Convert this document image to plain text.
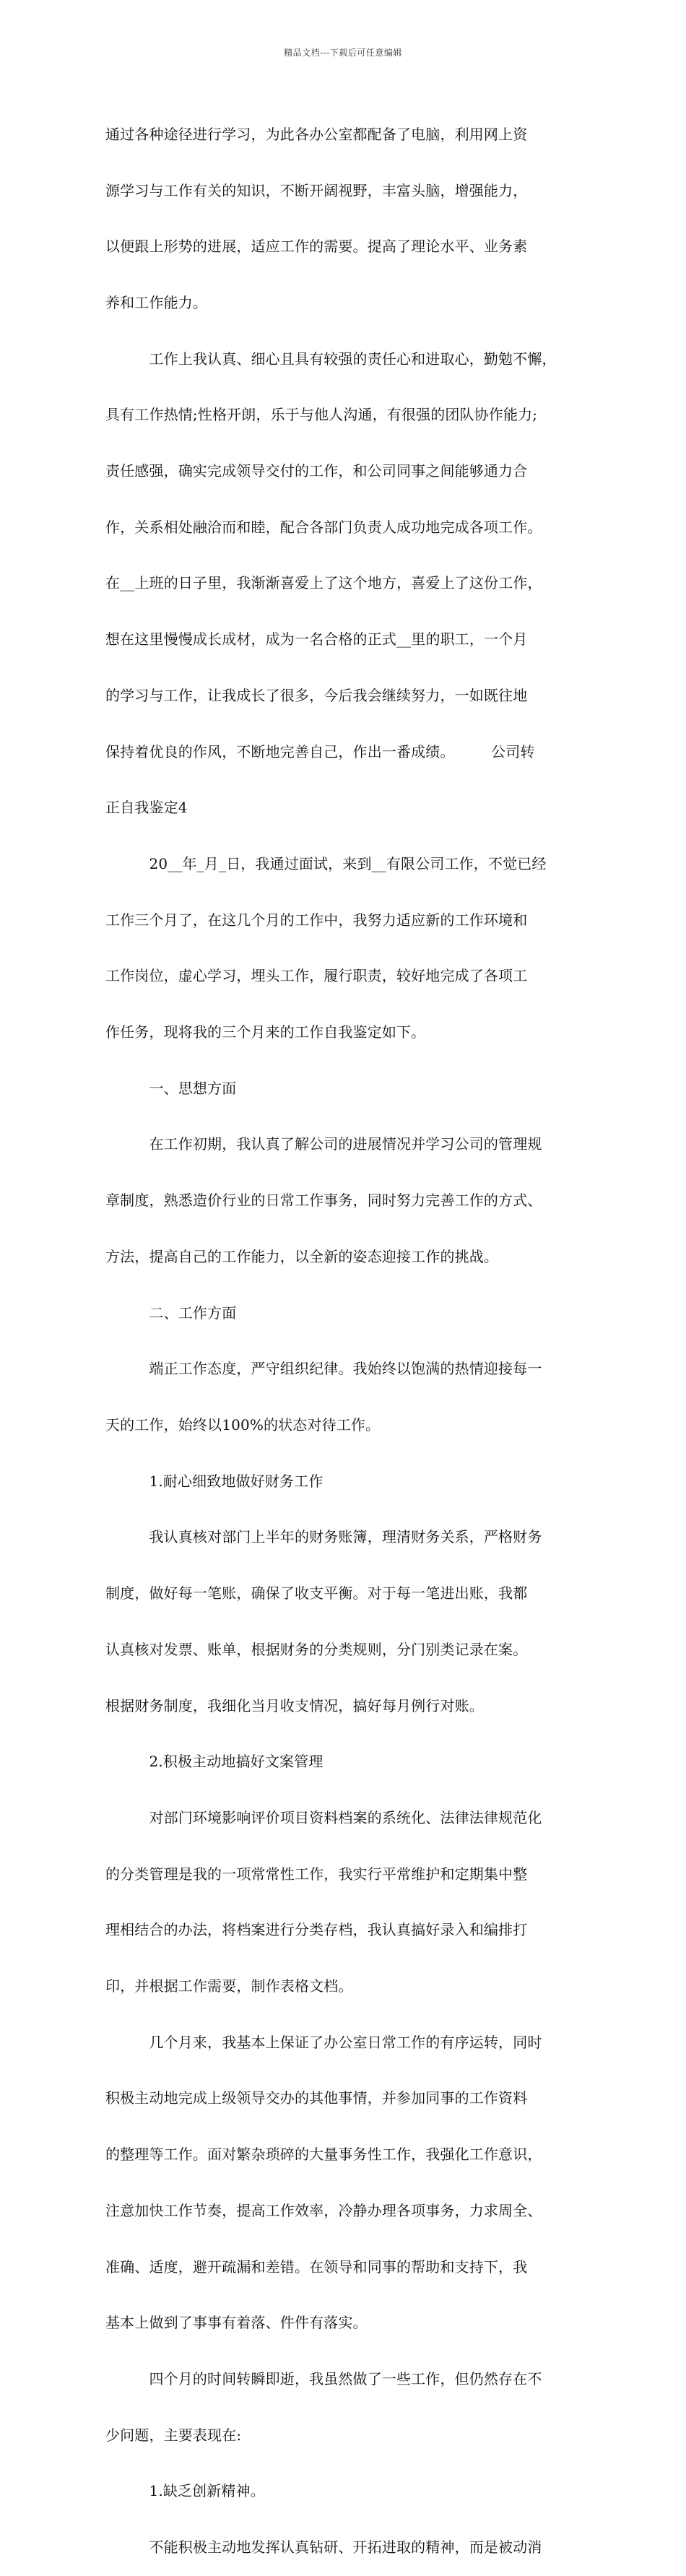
精品文档---下载后可任意编辑

通过各种途径进行学习，为此各办公室都配备了电脑，利用网上资

源学习与工作有关的知识，不断开阔视野，丰富头脑，增强能力，

以便跟上形势的进展，适应工作的需要。提高了理论水平、业务素

养和工作能力。

　　　工作上我认真、细心且具有较强的责任心和进取心，勤勉不懈，

具有工作热情;性格开朗，乐于与他人沟通，有很强的团队协作能力;

责任感强，确实完成领导交付的工作，和公司同事之间能够通力合

作，关系相处融洽而和睦，配合各部门负责人成功地完成各项工作。

在__上班的日子里，我渐渐喜爱上了这个地方，喜爱上了这份工作，

想在这里慢慢成长成材，成为一名合格的正式__里的职工，一个月

的学习与工作，让我成长了很多，今后我会继续努力，一如既往地

保持着优良的作风，不断地完善自己，作出一番成绩。　　　公司转

正自我鉴定4

　　　20__年_月_日，我通过面试，来到__有限公司工作，不觉已经

工作三个月了，在这几个月的工作中，我努力适应新的工作环境和

工作岗位，虚心学习，埋头工作，履行职责，较好地完成了各项工

作任务，现将我的三个月来的工作自我鉴定如下。

　　　一、思想方面

　　　在工作初期，我认真了解公司的进展情况并学习公司的管理规

章制度，熟悉造价行业的日常工作事务，同时努力完善工作的方式、

方法，提高自己的工作能力，以全新的姿态迎接工作的挑战。

　　　二、工作方面

　　　端正工作态度，严守组织纪律。我始终以饱满的热情迎接每一

天的工作，始终以100%的状态对待工作。

　　　1.耐心细致地做好财务工作

　　　我认真核对部门上半年的财务账簿，理清财务关系，严格财务

制度，做好每一笔账，确保了收支平衡。对于每一笔进出账，我都

认真核对发票、账单，根据财务的分类规则，分门别类记录在案。

根据财务制度，我细化当月收支情况，搞好每月例行对账。

　　　2.积极主动地搞好文案管理

　　　对部门环境影响评价项目资料档案的系统化、法律法律规范化

的分类管理是我的一项常常性工作，我实行平常维护和定期集中整

理相结合的办法，将档案进行分类存档，我认真搞好录入和编排打

印，并根据工作需要，制作表格文档。

　　　几个月来，我基本上保证了办公室日常工作的有序运转，同时

积极主动地完成上级领导交办的其他事情，并参加同事的工作资料

的整理等工作。面对繁杂琐碎的大量事务性工作，我强化工作意识，

注意加快工作节奏，提高工作效率，冷静办理各项事务，力求周全、

准确、适度，避开疏漏和差错。在领导和同事的帮助和支持下，我

基本上做到了事事有着落、件件有落实。

　　　四个月的时间转瞬即逝，我虽然做了一些工作，但仍然存在不

少问题，主要表现在:

　　　1.缺乏创新精神。

　　　不能积极主动地发挥认真钻研、开拓进取的精神，而是被动消
